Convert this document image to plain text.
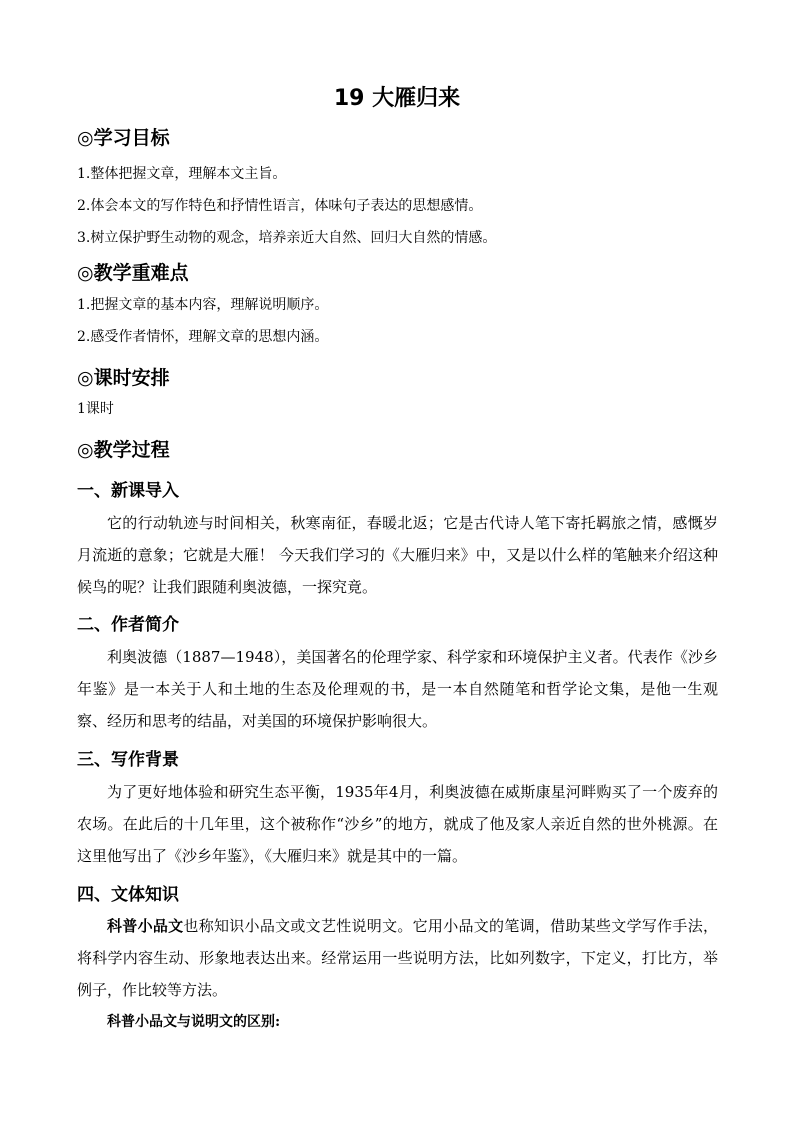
19 大雁归来
◎学习目标
1.整体把握文章，理解本文主旨。
2.体会本文的写作特色和抒情性语言，体味句子表达的思想感情。
3.树立保护野生动物的观念，培养亲近大自然、回归大自然的情感。
◎教学重难点
1.把握文章的基本内容，理解说明顺序。
2.感受作者情怀，理解文章的思想内涵。
◎课时安排
1课时
◎教学过程
一、新课导入
它的行动轨迹与时间相关，秋寒南征，春暖北返；它是古代诗人笔下寄托羁旅之情，感慨岁月流逝的意象；它就是大雁！ 今天我们学习的《大雁归来》中，又是以什么样的笔触来介绍这种候鸟的呢？让我们跟随利奥波德，一探究竟。
二、作者简介
利奥波德（1887—1948），美国著名的伦理学家、科学家和环境保护主义者。代表作《沙乡年鉴》是一本关于人和土地的生态及伦理观的书，是一本自然随笔和哲学论文集，是他一生观察、经历和思考的结晶，对美国的环境保护影响很大。
三、写作背景
为了更好地体验和研究生态平衡，1935年4月，利奥波德在威斯康星河畔购买了一个废弃的农场。在此后的十几年里，这个被称作“沙乡”的地方，就成了他及家人亲近自然的世外桃源。在这里他写出了《沙乡年鉴》，《大雁归来》就是其中的一篇。
四、文体知识
科普小品文也称知识小品文或文艺性说明文。它用小品文的笔调，借助某些文学写作手法，将科学内容生动、形象地表达出来。经常运用一些说明方法，比如列数字，下定义，打比方，举例子，作比较等方法。
科普小品文与说明文的区别:
